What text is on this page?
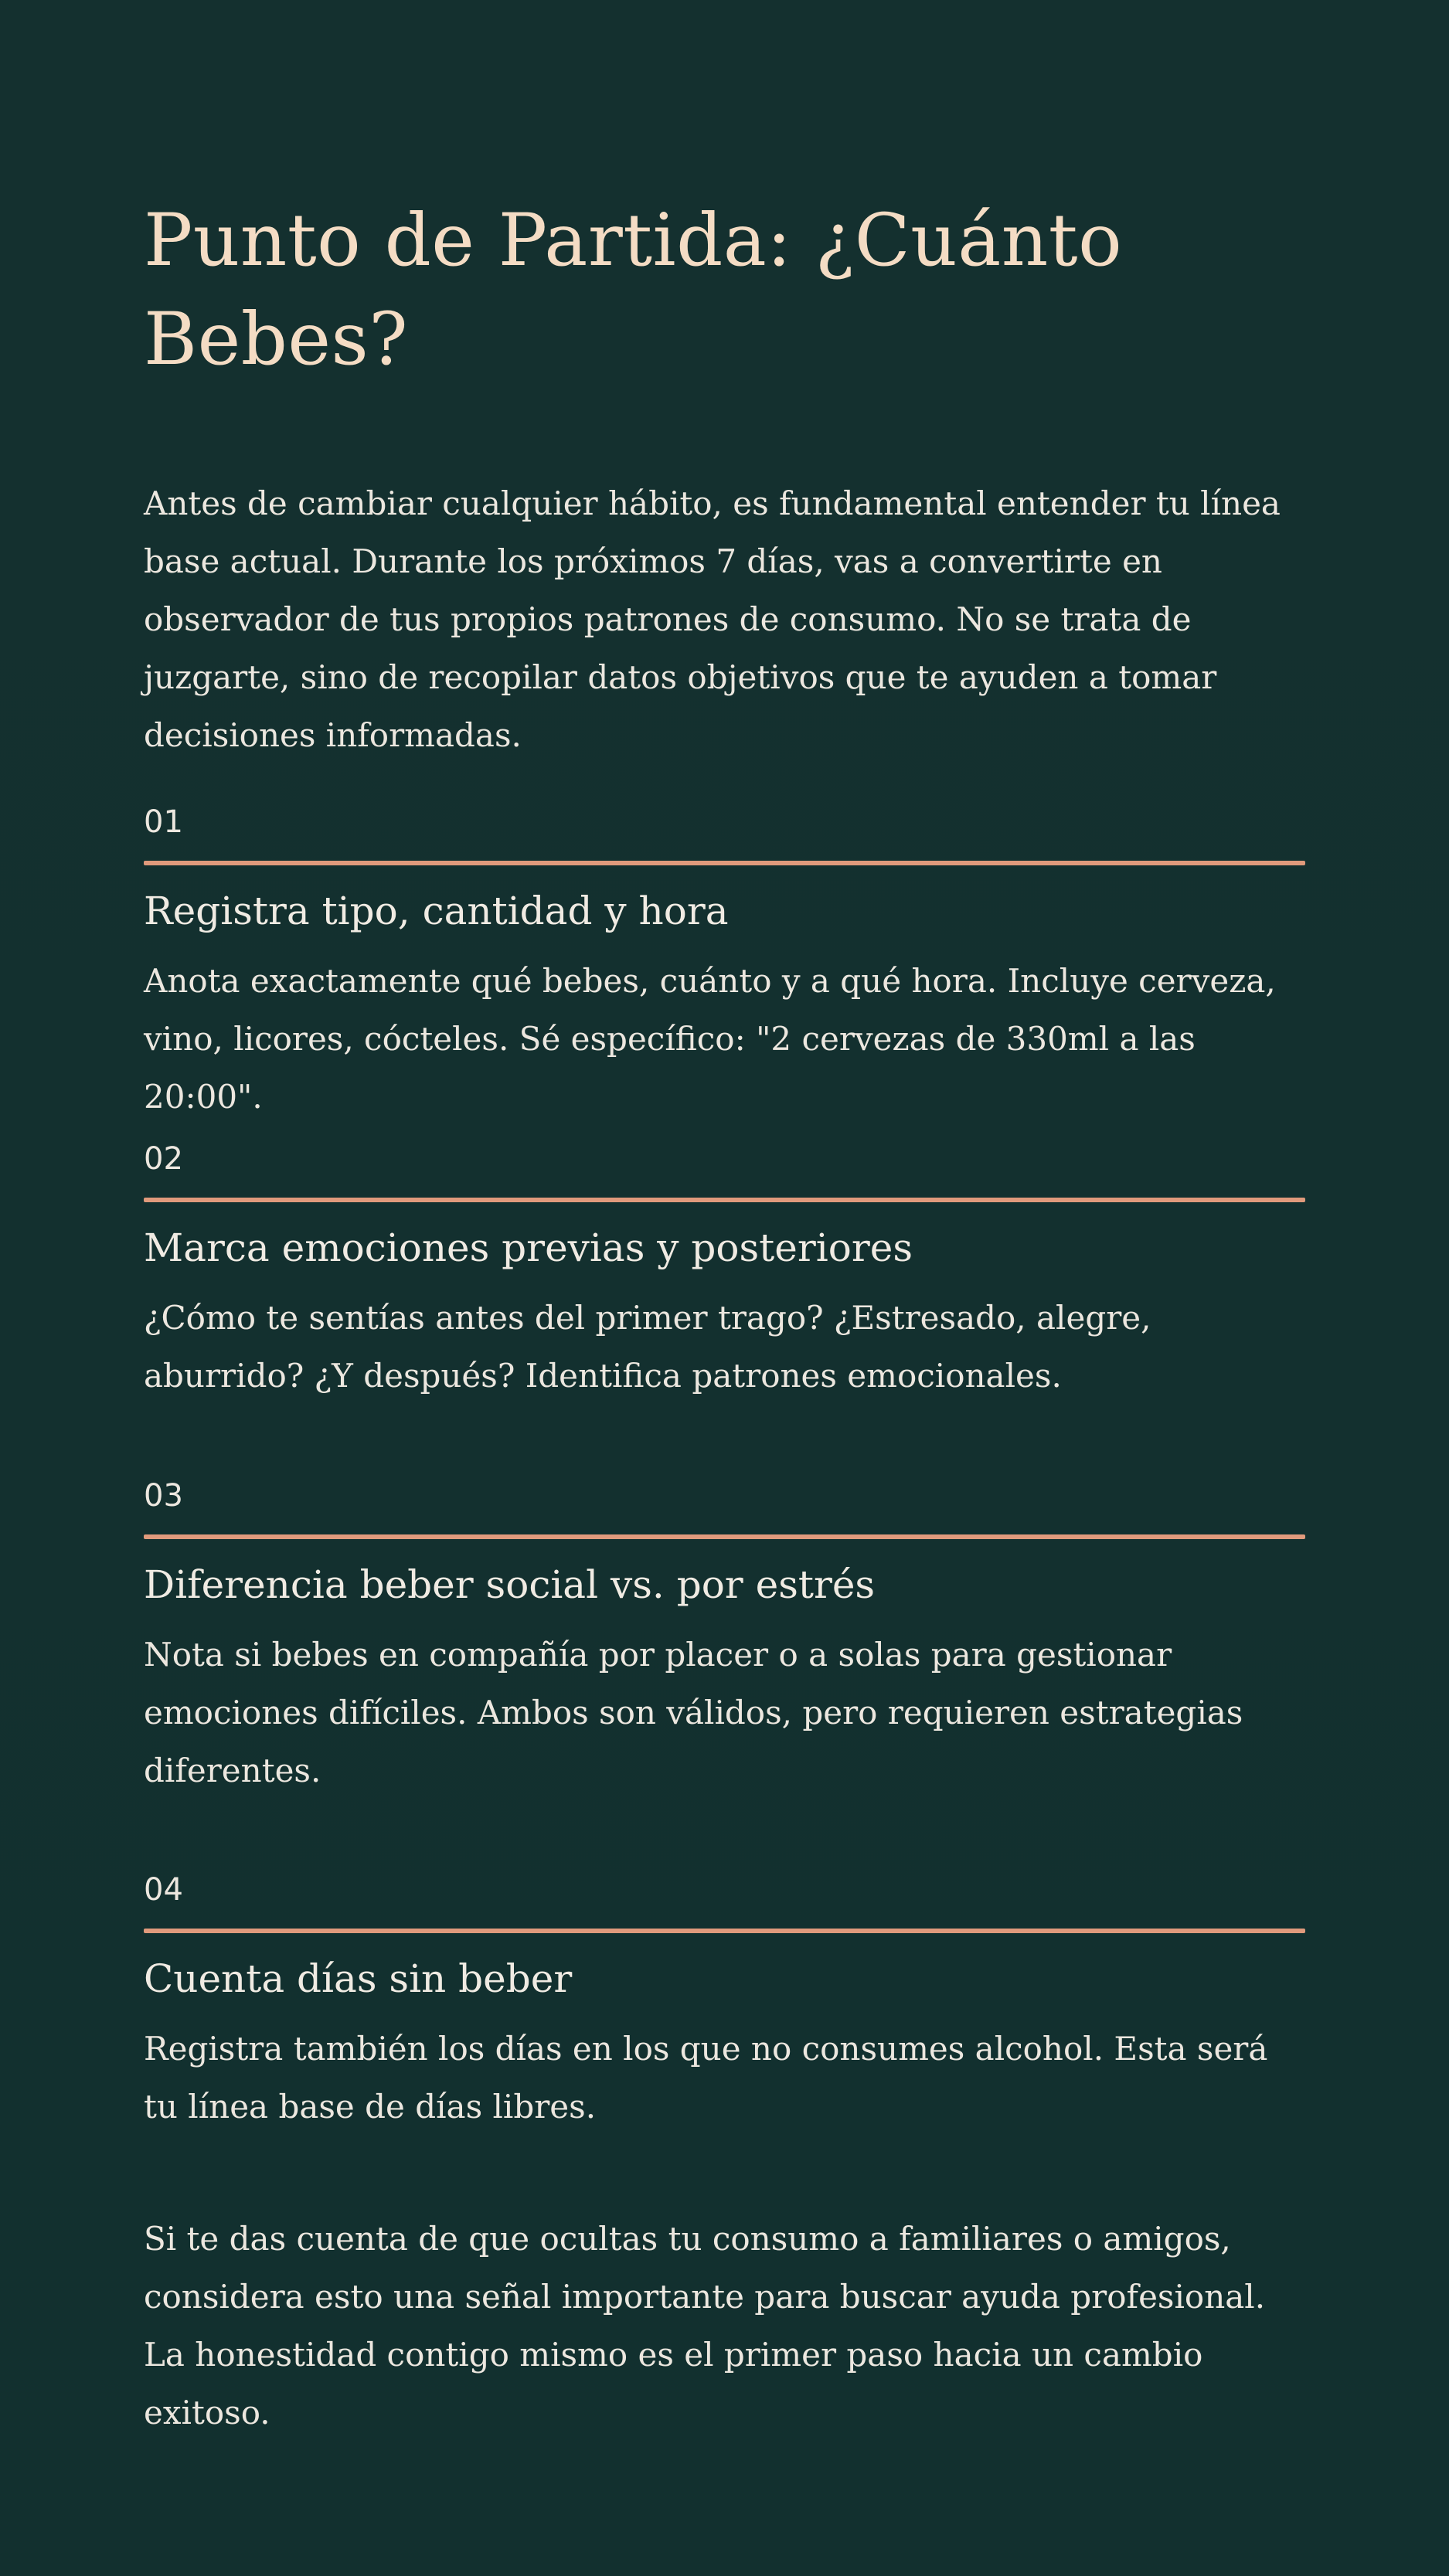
Punto de Partida: ¿Cuánto Bebes?

Antes de cambiar cualquier hábito, es fundamental entender tu línea base actual. Durante los próximos 7 días, vas a convertirte en observador de tus propios patrones de consumo. No se trata de juzgarte, sino de recopilar datos objetivos que te ayuden a tomar decisiones informadas.

01
Registra tipo, cantidad y hora

Anota exactamente qué bebes, cuánto y a qué hora. Incluye cerveza, vino, licores, cócteles. Sé específico: "2 cervezas de 330ml a las 20:00".

02
Marca emociones previas y posteriores

¿Cómo te sentías antes del primer trago? ¿Estresado, alegre, aburrido? ¿Y después? Identifica patrones emocionales.

03
Diferencia beber social vs. por estrés

Nota si bebes en compañía por placer o a solas para gestionar emociones difíciles. Ambos son válidos, pero requieren estrategias diferentes.

04
Cuenta días sin beber

Registra también los días en los que no consumes alcohol. Esta será tu línea base de días libres.

Si te das cuenta de que ocultas tu consumo a familiares o amigos, considera esto una señal importante para buscar ayuda profesional. La honestidad contigo mismo es el primer paso hacia un cambio exitoso.
